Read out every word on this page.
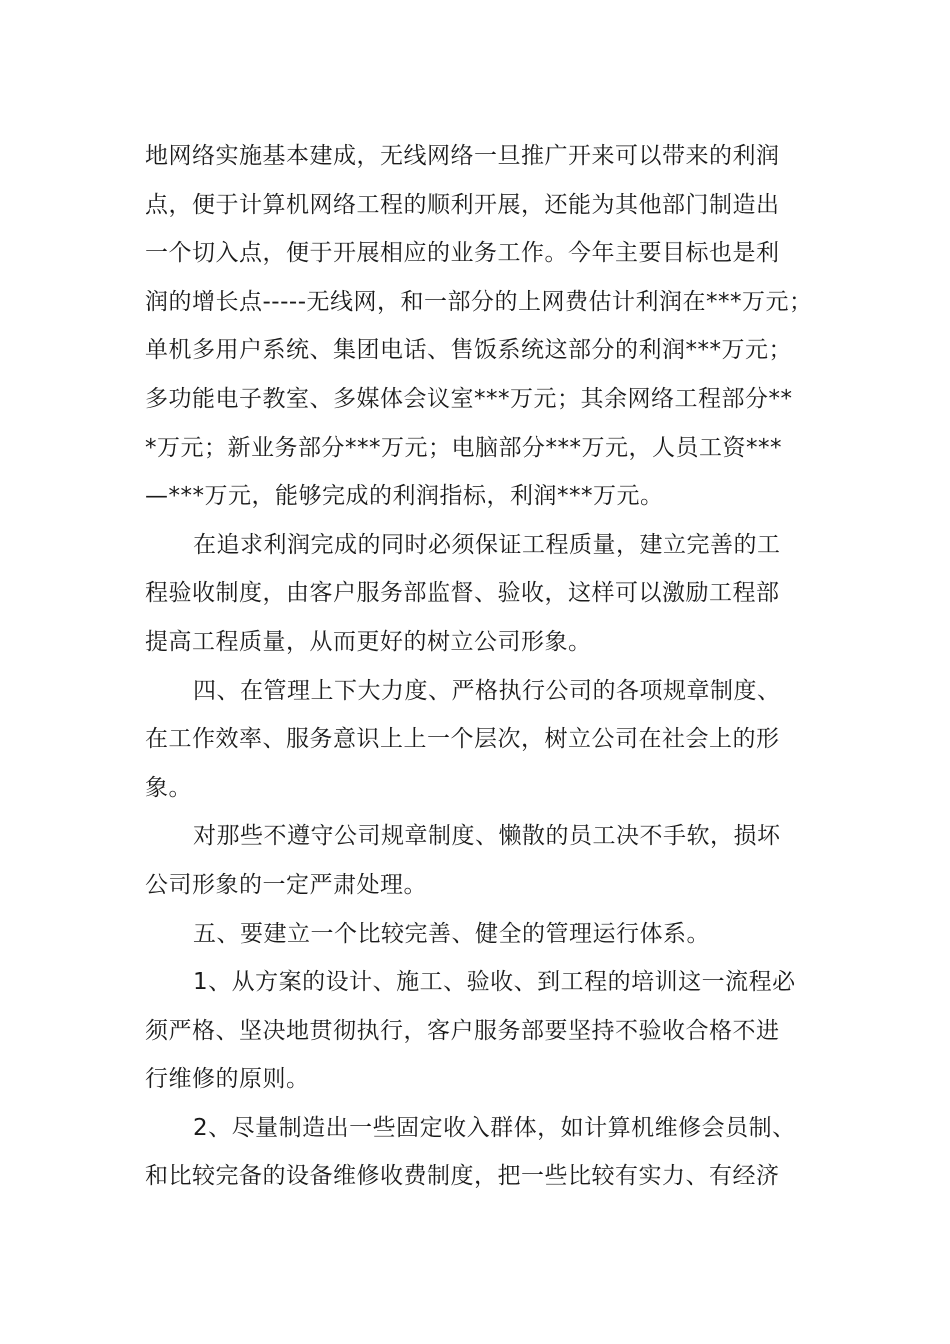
地网络实施基本建成，无线网络一旦推广开来可以带来的利润
点，便于计算机网络工程的顺利开展，还能为其他部门制造出
一个切入点，便于开展相应的业务工作。今年主要目标也是利
润的增长点-----无线网，和一部分的上网费估计利润在***万元；
单机多用户系统、集团电话、售饭系统这部分的利润***万元；
多功能电子教室、多媒体会议室***万元；其余网络工程部分**
*万元；新业务部分***万元；电脑部分***万元，人员工资***
—***万元，能够完成的利润指标，利润***万元。
在追求利润完成的同时必须保证工程质量，建立完善的工
程验收制度，由客户服务部监督、验收，这样可以激励工程部
提高工程质量，从而更好的树立公司形象。
四、在管理上下大力度、严格执行公司的各项规章制度、
在工作效率、服务意识上上一个层次，树立公司在社会上的形
象。
对那些不遵守公司规章制度、懒散的员工决不手软，损坏
公司形象的一定严肃处理。
五、要建立一个比较完善、健全的管理运行体系。
1、从方案的设计、施工、验收、到工程的培训这一流程必
须严格、坚决地贯彻执行，客户服务部要坚持不验收合格不进
行维修的原则。
2、尽量制造出一些固定收入群体，如计算机维修会员制、
和比较完备的设备维修收费制度，把一些比较有实力、有经济
